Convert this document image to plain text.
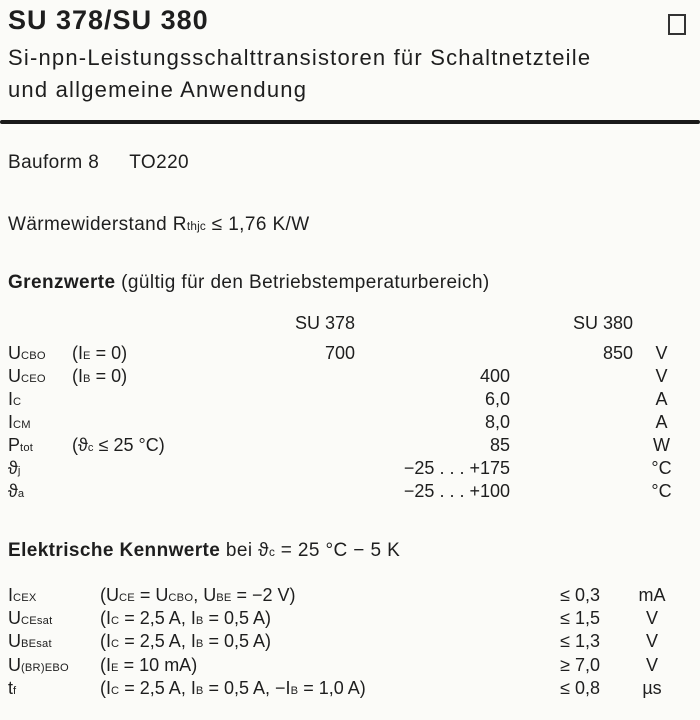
SU 378/SU 380
Si-npn-Leistungsschalttransistoren für Schaltnetzteile
und allgemeine Anwendung
Bauform 8 TO220
Wärmewiderstand Rthjc ≤ 1,76 K/W
Grenzwerte (gültig für den Betriebstemperaturbereich)
SU 378	SU 380
UCBO	(IE = 0)	700	850	V
UCEO	(IB = 0)	400	V
IC	6,0	A
ICM	8,0	A
Ptot	(ϑc ≤ 25 °C)	85	W
ϑj	−25 . . . +175	°C
ϑa	−25 . . . +100	°C
Elektrische Kennwerte bei ϑc = 25 °C − 5 K
ICEX	(UCE = UCBO, UBE = −2 V)	≤ 0,3	mA
UCEsat	(IC = 2,5 A, IB = 0,5 A)	≤ 1,5	V
UBEsat	(IC = 2,5 A, IB = 0,5 A)	≤ 1,3	V
U(BR)EBO	(IE = 10 mA)	≥ 7,0	V
tf	(IC = 2,5 A, IB = 0,5 A, −IB = 1,0 A)	≤ 0,8	µs
